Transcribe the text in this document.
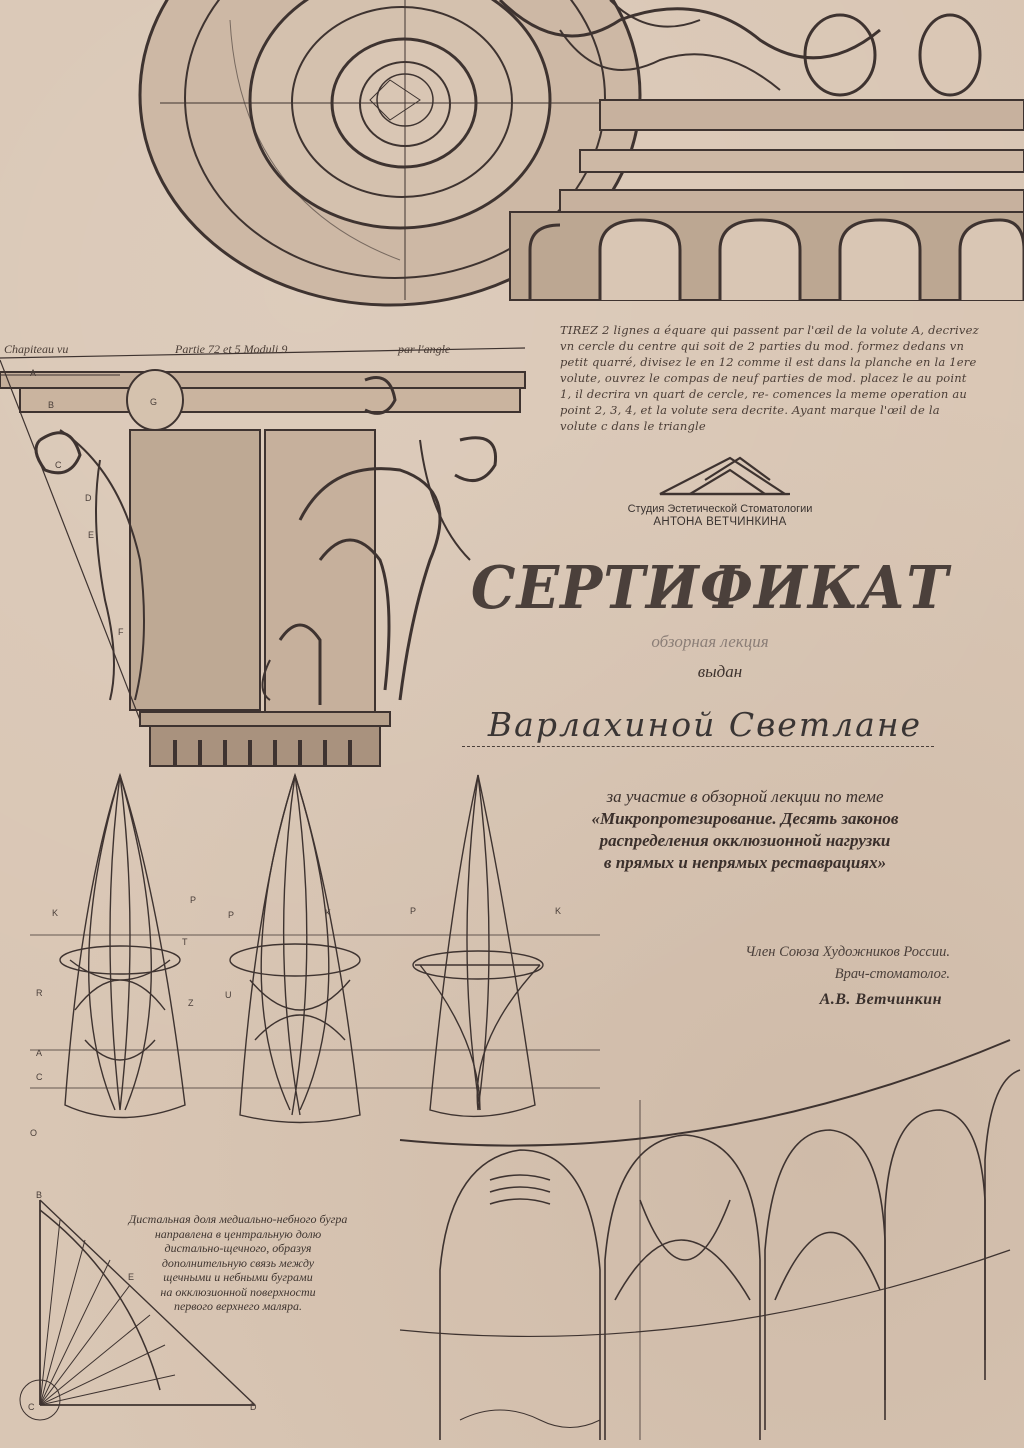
A
B
C
D
E
F
G
K
P
T
R
Z
U
O
A
C
B
E
C	D
P	K
K
P

Chapiteau vu	Partie 72 et 5 Moduli 9	par l'angle

TIREZ 2 lignes a équare qui passent par l'œil de la volute A, decrivez vn cercle du centre qui soit de 2 parties du mod. formez dedans vn petit quarré, divisez le en 12 comme il est dans la planche en la 1ere volute, ouvrez le compas de neuf parties de mod. placez le au point 1, il decrira vn quart de cercle, re- comences la meme operation au point 2, 3, 4, et la volute sera decrite. Ayant marque l'œil de la volute c dans le triangle

Студия Эстетической Стоматологии

АНТОНА ВЕТЧИНКИНА

СЕРТИФИКАТ

обзорная лекция

выдан

Варлахиной Светлане

за участие в обзорной лекции по теме

«Микропротезирование. Десять законов
распределения окклюзионной нагрузки
в прямых и непрямых реставрациях»

Член Союза Художников России.

Врач-стоматолог.

А.В. Ветчинкин

Дистальная доля медиально-небного бугра
направлена в центральную долю
дистально-щечного, образуя
дополнительную связь между
щечными и небными буграми
на окклюзионной поверхности
первого верхнего маляра.
